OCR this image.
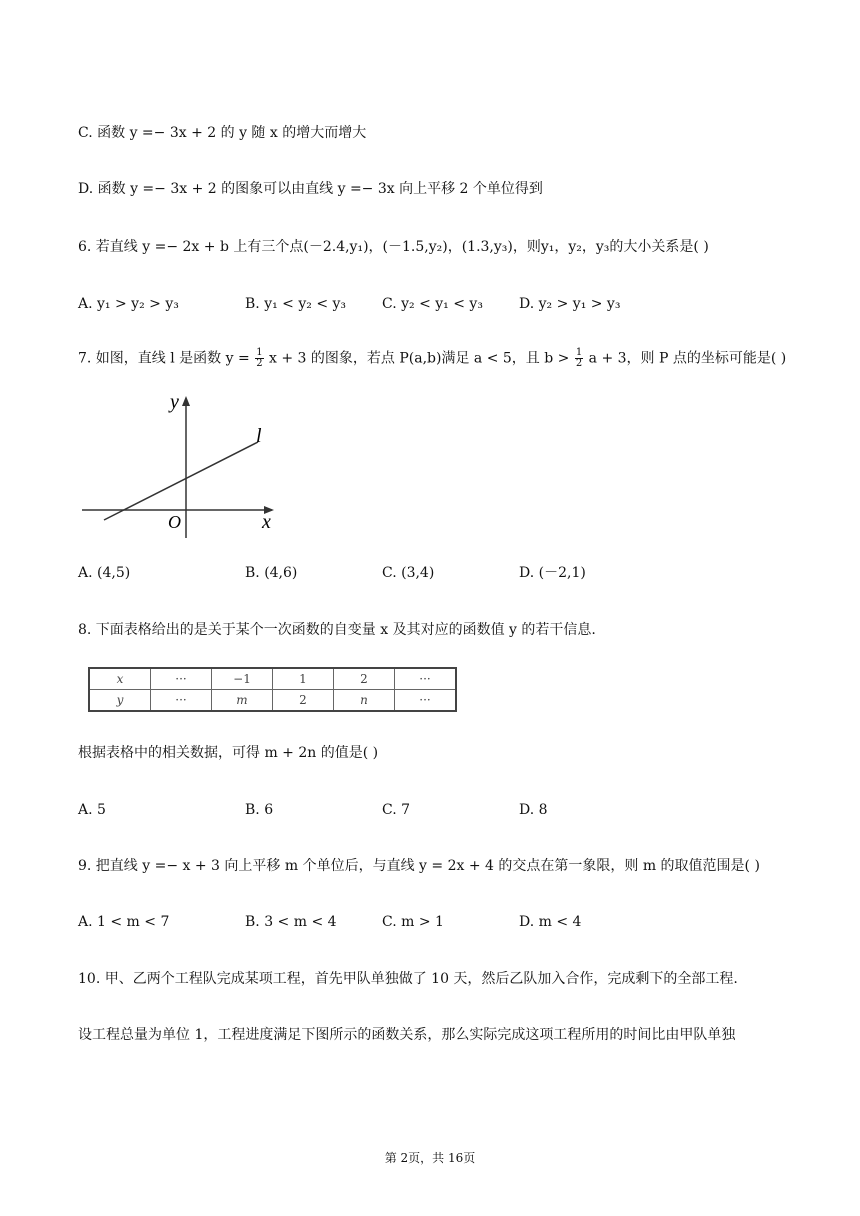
C. 函数 y =− 3x + 2 的 y 随 x 的增大而增大
D. 函数 y =− 3x + 2 的图象可以由直线 y =− 3x 向上平移 2 个单位得到
6. 若直线 y =− 2x + b 上有三个点(－2.4,y₁)，(－1.5,y₂)，(1.3,y₃)，则y₁，y₂，y₃的大小关系是( )
A. y₁ > y₂ > y₃	B. y₁ < y₂ < y₃	C. y₂ < y₁ < y₃	D. y₂ > y₁ > y₃
7. 如图，直线 l 是函数 $y = \frac{1}{2}$ x + 3 的图象，若点 P(a,b)满足 a < 5，且 $b > \frac{1}{2}$ a + 3，则 P 点的坐标可能是( )
y
x
O
l
A. (4,5)	B. (4,6)	C. (3,4)	D. (－2,1)
8. 下面表格给出的是关于某个一次函数的自变量 x 及其对应的函数值 y 的若干信息.
x	···	−1	1	2	···
y	···	m	2	n	···
根据表格中的相关数据，可得 m + 2n 的值是( )
A. 5	B. 6	C. 7	D. 8
9. 把直线 y =− x + 3 向上平移 m 个单位后，与直线 y = 2x + 4 的交点在第一象限，则 m 的取值范围是( )
A. 1 < m < 7	B. 3 < m < 4	C. m > 1	D. m < 4
10. 甲、乙两个工程队完成某项工程，首先甲队单独做了 10 天，然后乙队加入合作，完成剩下的全部工程.
设工程总量为单位 1，工程进度满足下图所示的函数关系，那么实际完成这项工程所用的时间比由甲队单独
第 2页，共 16页
